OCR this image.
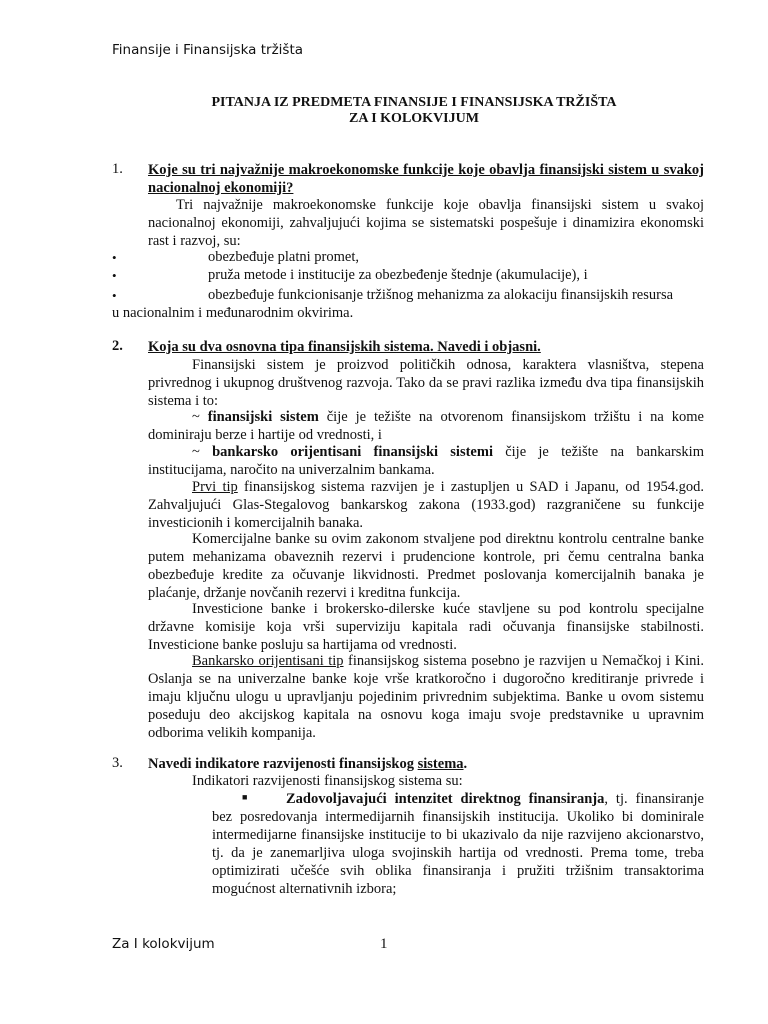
Finansije i Finansijska tržišta
PITANJA IZ PREDMETA FINANSIJE I FINANSIJSKA TRŽIŠTA
ZA I KOLOKVIJUM
1. Koje su tri najvažnije makroekonomske funkcije koje obavlja finansijski sistem u svakoj nacionalnoj ekonomiji?
Tri najvažnije makroekonomske funkcije koje obavlja finansijski sistem u svakoj nacionalnoj ekonomiji, zahvaljujući kojima se sistematski pospešuje i dinamizira ekonomski rast i razvoj, su:
•	obezbeđuje platni promet,
•	pruža metode i institucije za obezbeđenje štednje (akumulacije), i
•	obezbeđuje funkcionisanje tržišnog mehanizma za alokaciju finansijskih resursa
u nacionalnim i međunarodnim okvirima.
2. Koja su dva osnovna tipa finansijskih sistema. Navedi i objasni.
Finansijski sistem je proizvod političkih odnosa, karaktera vlasništva, stepena privrednog i ukupnog društvenog razvoja. Tako da se pravi razlika između dva tipa finansijskih sistema i to:
~ finansijski sistem čije je težište na otvorenom finansijskom tržištu i na kome dominiraju berze i hartije od vrednosti, i
~ bankarsko orijentisani finansijski sistemi čije je težište na bankarskim institucijama, naročito na univerzalnim bankama.
Prvi tip finansijskog sistema razvijen je i zastupljen u SAD i Japanu, od 1954.god. Zahvaljujući Glas-Stegalovog bankarskog zakona (1933.god) razgraničene su funkcije investicionih i komercijalnih banaka.
Komercijalne banke su ovim zakonom stvaljene pod direktnu kontrolu centralne banke putem mehanizama obaveznih rezervi i prudencione kontrole, pri čemu centralna banka obezbeđuje kredite za očuvanje likvidnosti. Predmet poslovanja komercijalnih banaka je plaćanje, držanje novčanih rezervi i kreditna funkcija.
Investicione banke i brokersko-dilerske kuće stavljene su pod kontrolu specijalne državne komisije koja vrši superviziju kapitala radi očuvanja finansijske stabilnosti. Investicione banke posluju sa hartijama od vrednosti.
Bankarsko orijentisani tip finansijskog sistema posebno je razvijen u Nemačkoj i Kini. Oslanja se na univerzalne banke koje vrše kratkoročno i dugoročno kreditiranje privrede i imaju ključnu ulogu u upravljanju pojedinim privrednim subjektima. Banke u ovom sistemu poseduju deo akcijskog kapitala na osnovu koga imaju svoje predstavnike u upravnim odborima velikih kompanija.
3. Navedi indikatore razvijenosti finansijskog sistema.
Indikatori razvijenosti finansijskog sistema su:
■	Zadovoljavajući intenzitet direktnog finansiranja, tj. finansiranje bez posredovanja intermedijarnih finansijskih institucija. Ukoliko bi dominirale intermedijarne finansijske institucije to bi ukazivalo da nije razvijeno akcionarstvo, tj. da je zanemarljiva uloga svojinskih hartija od vrednosti. Prema tome, treba optimizirati učešće svih oblika finansiranja i pružiti tržišnim transaktorima mogućnost alternativnih izbora;
Za I kolokvijum	1
